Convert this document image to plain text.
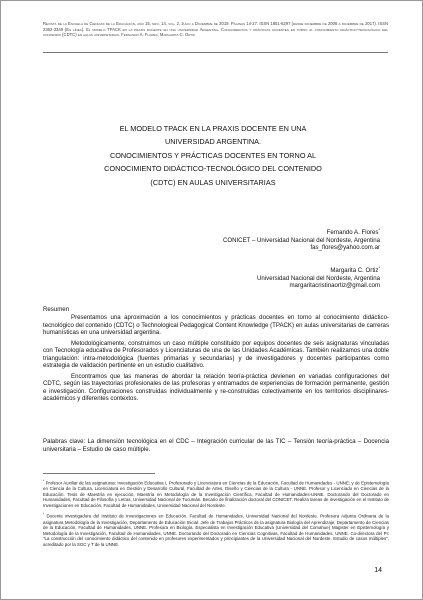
Revista de la Escuela de Ciencias de la Educación, año 15, nro. 14, vol. 2, Julio a Diciembre de 2019. Páginas 14-27. ISSN 1851-6297 (desde diciembre de 2006 a diciembre de 2017). ISSN 2362-3349 (En línea). El modelo TPACK en la praxis docente en una universidad Argentina. Conocimientos y prácticas docentes en torno al conocimiento didáctico-tecnológico del contenido (CDTC) en aulas universitarias. Fernando A. Flores; Margarita C. Ortiz
EL MODELO TPACK EN LA PRAXIS DOCENTE EN UNA
UNIVERSIDAD ARGENTINA.
CONOCIMIENTOS Y PRÁCTICAS DOCENTES EN TORNO AL
CONOCIMIENTO DIDÁCTICO-TECNOLÓGICO DEL CONTENIDO
(CDTC) EN AULAS UNIVERSITARIAS
Fernando A. Flores*
CONICET – Universidad Nacional del Nordeste, Argentina
fas_flores@yahoo.com.ar
Margarita C. Ortiz*
Universidad Nacional del Nordeste, Argentina
margaritacristinaortiz@gmail.com
Resumen

Presentamos una aproximación a los conocimientos y prácticas docentes en torno al conocimiento didáctico-tecnológico del contenido (CDTC) o Technological Pedagogical Content Knowledge (TPACK) en aulas universitarias de carreras humanísticas en una universidad argentina.

Metodológicamente, construimos un caso múltiple constituido por equipos docentes de seis asignaturas vinculadas con Tecnología educativa de Profesorados y Licenciaturas de una de las Unidades Académicas. También realizamos una doble triangulación: intra-metodológica (fuentes primarias y secundarias) y de investigadores y docentes participantes como estrategia de validación pertinente en un estudio cualitativo.

Encontramos que las maneras de abordar la relación teoría-práctica devienen en variadas configuraciones del CDTC, según las trayectorias profesionales de las profesoras y entramados de experiencias de formación permanente, gestión e investigación. Configuraciones construidas individualmente y re-construidas colectivamente en los territorios disciplinares-académicos y diferentes contextos.

Palabras clave: La dimensión tecnológica en el CDC – Integración curricular de las TIC – Tensión teoría-práctica – Docencia universitaria – Estudio de caso múltiple.

* Profesor Auxiliar de las asignaturas: Investigación Educativa I, Profesorado y Licenciatura en Ciencias de la Educación, Facultad de Humanidades - UNNE; y de Epistemología en Ciencia de la Cultura, Licenciatura en Gestión y Desarrollo Cultural, Facultad de Artes, Diseño y Ciencias de la Cultura - UNNE. Profesor y Licenciado en Ciencias de la Educación. Tesis de Maestría en ejecución, Maestría en Metodología de la Investigación Científica, Facultad de Humanidades-UNNE. Doctorando del Doctorado en Humanidades, Facultad de Filosofía y Letras, Universidad Nacional de Tucumán. Becario de finalización doctoral del CONICET. Realiza tareas de investigación en el Instituto de Investigaciones en Educación, Facultad de Humanidades, Universidad Nacional del Nordeste.

* Docente investigadora del Instituto de Investigaciones en Educación. Facultad de Humanidades. Universidad Nacional del Nordeste. Profesora Adjunta Ordinaria de la asignatura Metodología de la Investigación, Departamento de Educación Inicial. Jefe de Trabajos Prácticos de la asignatura Biología del Aprendizaje, Departamento de Ciencias de la Educación, Facultad de Humanidades, UNNE. Profesora en Biología. Especialista en Investigación Educativa (Universidad del Comahue) Magister en Epistemología y Metodología de la Investigación, Facultad de Humanidades, UNNE. Doctorando del Doctorado en Ciencias Cognitivas, Facultad de Humanidades, UNNE. Co-directora del PI: "La construcción del conocimiento didáctico del contenido en profesores experimentados y principiantes de la Universidad Nacional del Nordeste. Estudio de casos múltiples", acreditado por la SGC y T de la UNNE.

14
